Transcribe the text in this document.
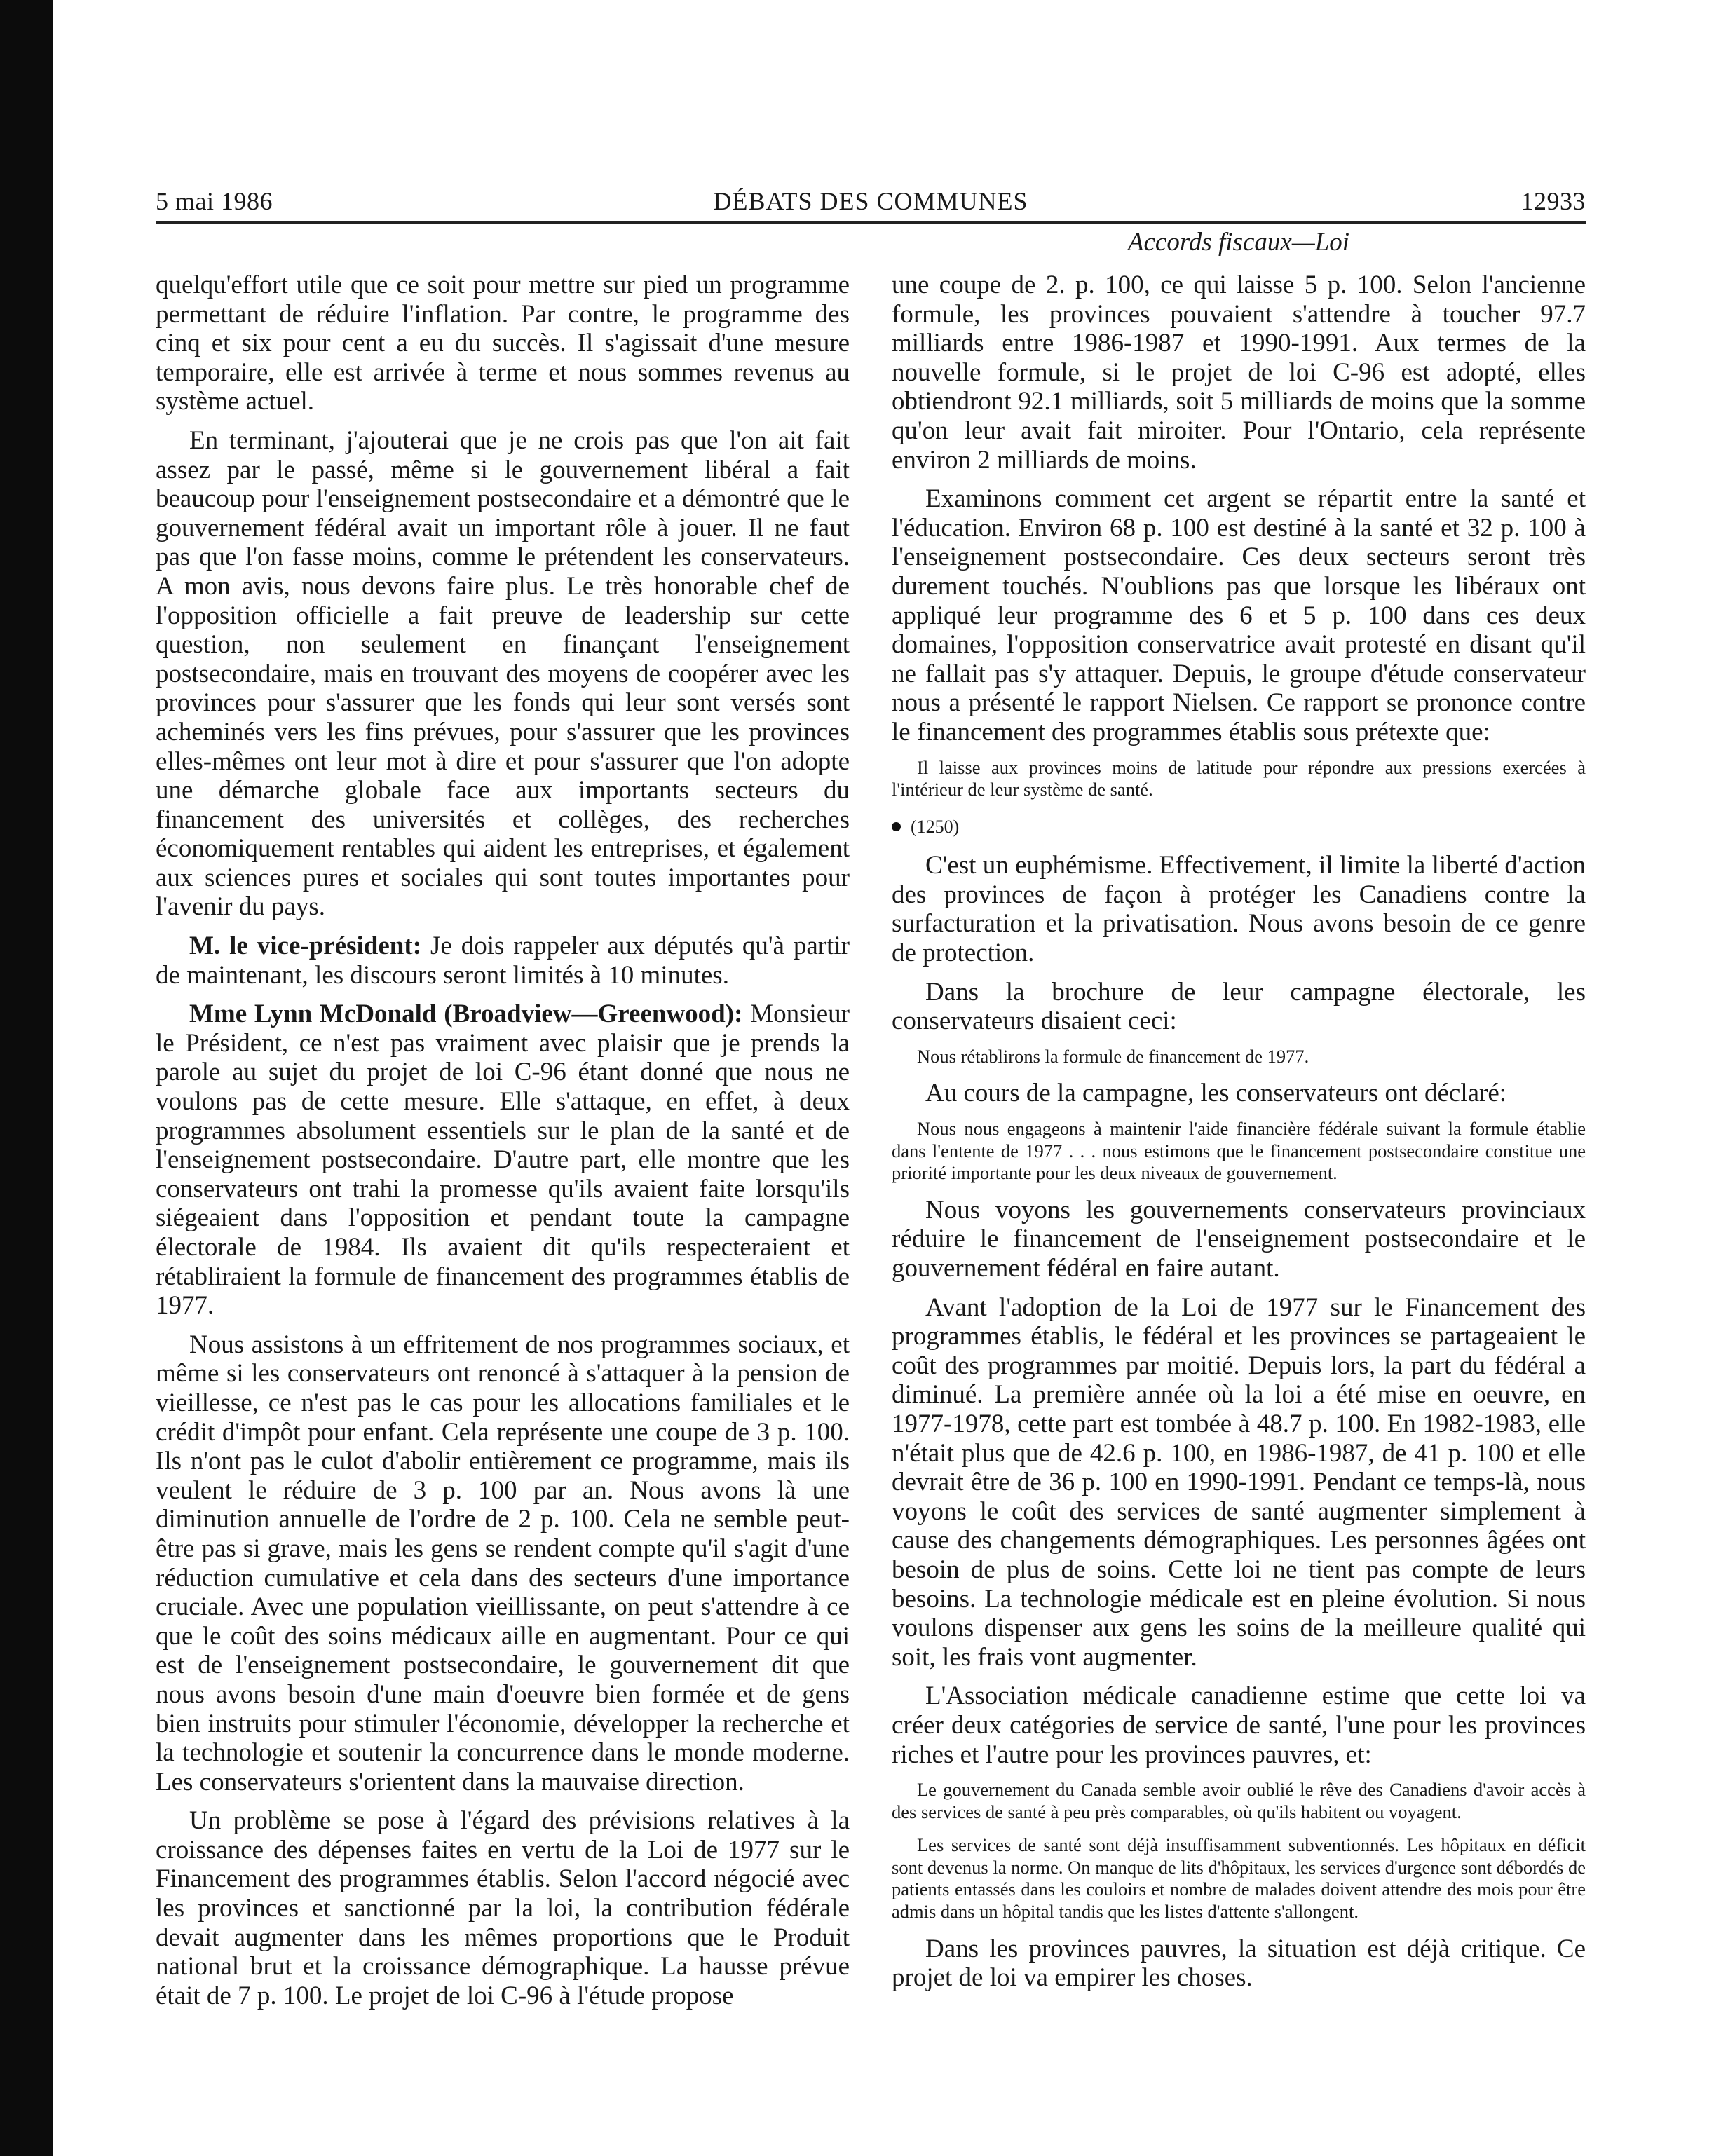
5 mai 1986	DÉBATS DES COMMUNES	12933
Accords fiscaux—Loi

quelqu'effort utile que ce soit pour mettre sur pied un programme permettant de réduire l'inflation. Par contre, le programme des cinq et six pour cent a eu du succès. Il s'agissait d'une mesure temporaire, elle est arrivée à terme et nous sommes revenus au système actuel.

En terminant, j'ajouterai que je ne crois pas que l'on ait fait assez par le passé, même si le gouvernement libéral a fait beaucoup pour l'enseignement postsecondaire et a démontré que le gouvernement fédéral avait un important rôle à jouer. Il ne faut pas que l'on fasse moins, comme le prétendent les conservateurs. A mon avis, nous devons faire plus. Le très honorable chef de l'opposition officielle a fait preuve de leadership sur cette question, non seulement en finançant l'enseignement postsecondaire, mais en trouvant des moyens de coopérer avec les provinces pour s'assurer que les fonds qui leur sont versés sont acheminés vers les fins prévues, pour s'assurer que les provinces elles-mêmes ont leur mot à dire et pour s'assurer que l'on adopte une démarche globale face aux importants secteurs du financement des universités et collèges, des recherches économiquement rentables qui aident les entreprises, et également aux sciences pures et sociales qui sont toutes importantes pour l'avenir du pays.

M. le vice-président: Je dois rappeler aux députés qu'à partir de maintenant, les discours seront limités à 10 minutes.

Mme Lynn McDonald (Broadview—Greenwood): Monsieur le Président, ce n'est pas vraiment avec plaisir que je prends la parole au sujet du projet de loi C-96 étant donné que nous ne voulons pas de cette mesure. Elle s'attaque, en effet, à deux programmes absolument essentiels sur le plan de la santé et de l'enseignement postsecondaire. D'autre part, elle montre que les conservateurs ont trahi la promesse qu'ils avaient faite lorsqu'ils siégeaient dans l'opposition et pendant toute la campagne électorale de 1984. Ils avaient dit qu'ils respecteraient et rétabliraient la formule de financement des programmes établis de 1977.

Nous assistons à un effritement de nos programmes sociaux, et même si les conservateurs ont renoncé à s'attaquer à la pension de vieillesse, ce n'est pas le cas pour les allocations familiales et le crédit d'impôt pour enfant. Cela représente une coupe de 3 p. 100. Ils n'ont pas le culot d'abolir entièrement ce programme, mais ils veulent le réduire de 3 p. 100 par an. Nous avons là une diminution annuelle de l'ordre de 2 p. 100. Cela ne semble peut-être pas si grave, mais les gens se rendent compte qu'il s'agit d'une réduction cumulative et cela dans des secteurs d'une importance cruciale. Avec une population vieillissante, on peut s'attendre à ce que le coût des soins médicaux aille en augmentant. Pour ce qui est de l'enseignement postsecondaire, le gouvernement dit que nous avons besoin d'une main d'oeuvre bien formée et de gens bien instruits pour stimuler l'économie, développer la recherche et la technologie et soutenir la concurrence dans le monde moderne. Les conservateurs s'orientent dans la mauvaise direction.

Un problème se pose à l'égard des prévisions relatives à la croissance des dépenses faites en vertu de la Loi de 1977 sur le Financement des programmes établis. Selon l'accord négocié avec les provinces et sanctionné par la loi, la contribution fédérale devait augmenter dans les mêmes proportions que le Produit national brut et la croissance démographique. La hausse prévue était de 7 p. 100. Le projet de loi C-96 à l'étude propose

une coupe de 2. p. 100, ce qui laisse 5 p. 100. Selon l'ancienne formule, les provinces pouvaient s'attendre à toucher 97.7 milliards entre 1986-1987 et 1990-1991. Aux termes de la nouvelle formule, si le projet de loi C-96 est adopté, elles obtiendront 92.1 milliards, soit 5 milliards de moins que la somme qu'on leur avait fait miroiter. Pour l'Ontario, cela représente environ 2 milliards de moins.

Examinons comment cet argent se répartit entre la santé et l'éducation. Environ 68 p. 100 est destiné à la santé et 32 p. 100 à l'enseignement postsecondaire. Ces deux secteurs seront très durement touchés. N'oublions pas que lorsque les libéraux ont appliqué leur programme des 6 et 5 p. 100 dans ces deux domaines, l'opposition conservatrice avait protesté en disant qu'il ne fallait pas s'y attaquer. Depuis, le groupe d'étude conservateur nous a présenté le rapport Nielsen. Ce rapport se prononce contre le financement des programmes établis sous prétexte que:

Il laisse aux provinces moins de latitude pour répondre aux pressions exercées à l'intérieur de leur système de santé.
(1250)

C'est un euphémisme. Effectivement, il limite la liberté d'action des provinces de façon à protéger les Canadiens contre la surfacturation et la privatisation. Nous avons besoin de ce genre de protection.

Dans la brochure de leur campagne électorale, les conservateurs disaient ceci:

Nous rétablirons la formule de financement de 1977.

Au cours de la campagne, les conservateurs ont déclaré:

Nous nous engageons à maintenir l'aide financière fédérale suivant la formule établie dans l'entente de 1977 . . . nous estimons que le financement postsecondaire constitue une priorité importante pour les deux niveaux de gouvernement.

Nous voyons les gouvernements conservateurs provinciaux réduire le financement de l'enseignement postsecondaire et le gouvernement fédéral en faire autant.

Avant l'adoption de la Loi de 1977 sur le Financement des programmes établis, le fédéral et les provinces se partageaient le coût des programmes par moitié. Depuis lors, la part du fédéral a diminué. La première année où la loi a été mise en oeuvre, en 1977-1978, cette part est tombée à 48.7 p. 100. En 1982-1983, elle n'était plus que de 42.6 p. 100, en 1986-1987, de 41 p. 100 et elle devrait être de 36 p. 100 en 1990-1991. Pendant ce temps-là, nous voyons le coût des services de santé augmenter simplement à cause des changements démographiques. Les personnes âgées ont besoin de plus de soins. Cette loi ne tient pas compte de leurs besoins. La technologie médicale est en pleine évolution. Si nous voulons dispenser aux gens les soins de la meilleure qualité qui soit, les frais vont augmenter.

L'Association médicale canadienne estime que cette loi va créer deux catégories de service de santé, l'une pour les provinces riches et l'autre pour les provinces pauvres, et:

Le gouvernement du Canada semble avoir oublié le rêve des Canadiens d'avoir accès à des services de santé à peu près comparables, où qu'ils habitent ou voyagent.
Les services de santé sont déjà insuffisamment subventionnés. Les hôpitaux en déficit sont devenus la norme. On manque de lits d'hôpitaux, les services d'urgence sont débordés de patients entassés dans les couloirs et nombre de malades doivent attendre des mois pour être admis dans un hôpital tandis que les listes d'attente s'allongent.

Dans les provinces pauvres, la situation est déjà critique. Ce projet de loi va empirer les choses.
